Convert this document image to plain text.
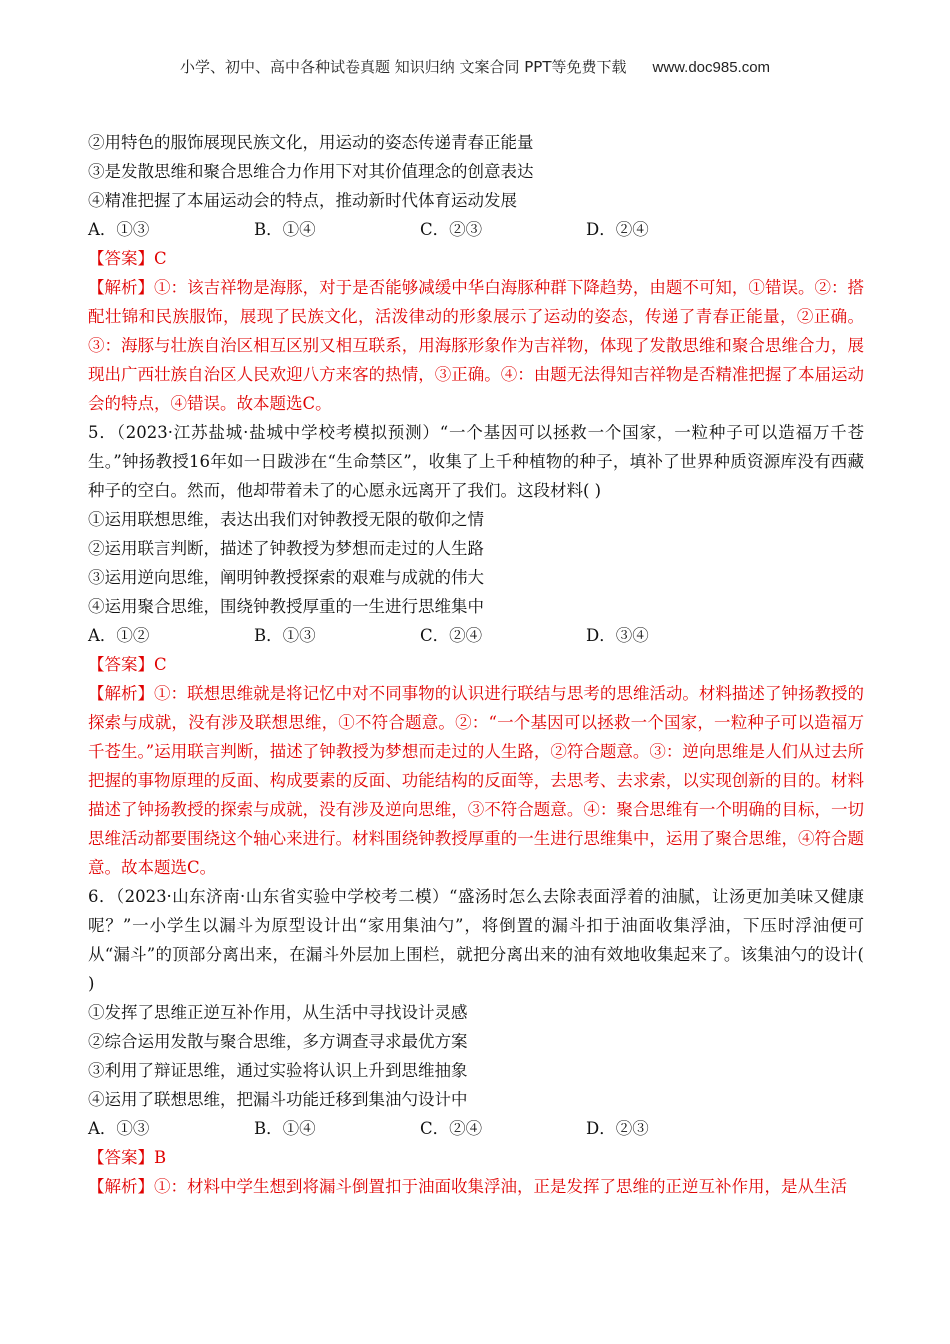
小学、初中、高中各种试卷真题 知识归纳 文案合同 PPT等免费下载 www.doc985.com
②用特色的服饰展现民族文化，用运动的姿态传递青春正能量
③是发散思维和聚合思维合力作用下对其价值理念的创意表达
④精准把握了本届运动会的特点，推动新时代体育运动发展
A．①③	B．①④	C．②③	D．②④
【答案】C

【解析】①：该吉祥物是海豚，对于是否能够减缓中华白海豚种群下降趋势，由题不可知，①错误。②：搭配壮锦和民族服饰，展现了民族文化，活泼律动的形象展示了运动的姿态，传递了青春正能量，②正确。③：海豚与壮族自治区相互区别又相互联系，用海豚形象作为吉祥物，体现了发散思维和聚合思维合力，展现出广西壮族自治区人民欢迎八方来客的热情，③正确。④：由题无法得知吉祥物是否精准把握了本届运动会的特点，④错误。故本题选C。

5．（2023·江苏盐城·盐城中学校考模拟预测）“一个基因可以拯救一个国家，一粒种子可以造福万千苍生。”钟扬教授16年如一日跋涉在“生命禁区”，收集了上千种植物的种子，填补了世界种质资源库没有西藏种子的空白。然而，他却带着未了的心愿永远离开了我们。这段材料( )

①运用联想思维，表达出我们对钟教授无限的敬仰之情
②运用联言判断，描述了钟教授为梦想而走过的人生路
③运用逆向思维，阐明钟教授探索的艰难与成就的伟大
④运用聚合思维，围绕钟教授厚重的一生进行思维集中
A．①②	B．①③	C．②④	D．③④
【答案】C

【解析】①：联想思维就是将记忆中对不同事物的认识进行联结与思考的思维活动。材料描述了钟扬教授的探索与成就，没有涉及联想思维，①不符合题意。②：“一个基因可以拯救一个国家，一粒种子可以造福万千苍生。”运用联言判断，描述了钟教授为梦想而走过的人生路，②符合题意。③：逆向思维是人们从过去所把握的事物原理的反面、构成要素的反面、功能结构的反面等，去思考、去求索，以实现创新的目的。材料描述了钟扬教授的探索与成就，没有涉及逆向思维，③不符合题意。④：聚合思维有一个明确的目标，一切思维活动都要围绕这个轴心来进行。材料围绕钟教授厚重的一生进行思维集中，运用了聚合思维，④符合题意。故本题选C。

6．（2023·山东济南·山东省实验中学校考二模）“盛汤时怎么去除表面浮着的油腻，让汤更加美味又健康呢？”一小学生以漏斗为原型设计出“家用集油勺”，将倒置的漏斗扣于油面收集浮油，下压时浮油便可从“漏斗”的顶部分离出来，在漏斗外层加上围栏，就把分离出来的油有效地收集起来了。该集油勺的设计( )

①发挥了思维正逆互补作用，从生活中寻找设计灵感
②综合运用发散与聚合思维，多方调查寻求最优方案
③利用了辩证思维，通过实验将认识上升到思维抽象
④运用了联想思维，把漏斗功能迁移到集油勺设计中
A．①③	B．①④	C．②④	D．②③
【答案】B
【解析】①：材料中学生想到将漏斗倒置扣于油面收集浮油，正是发挥了思维的正逆互补作用，是从生活
